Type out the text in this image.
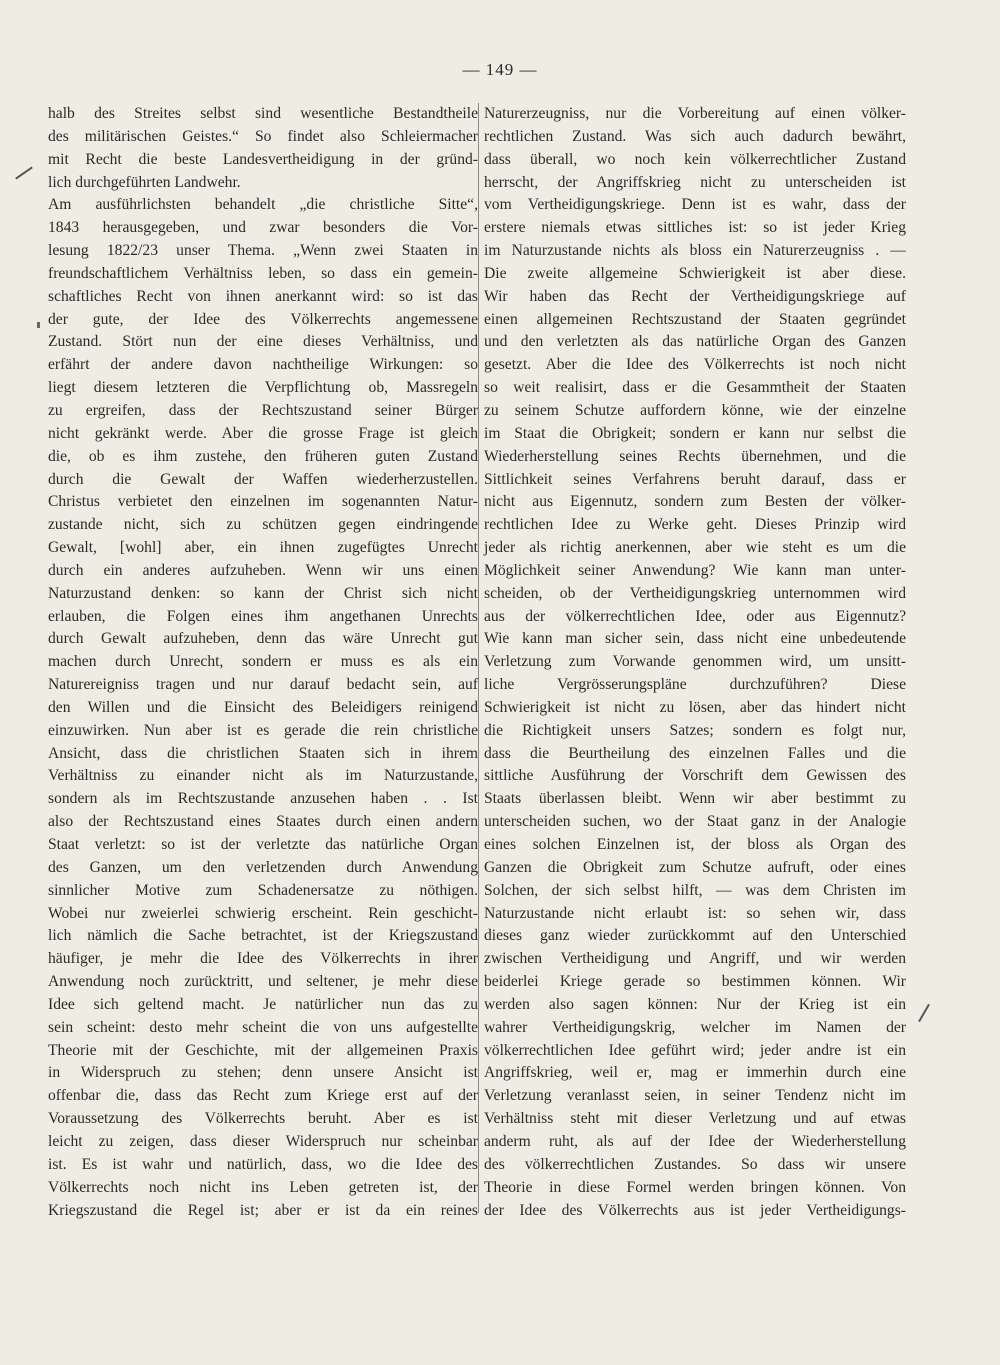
— 149 —
halb des Streites selbst sind wesentliche Bestandtheile
des militärischen Geistes.“ So findet also Schleiermacher
mit Recht die beste Landesvertheidigung in der gründ-
lich durchgeführten Landwehr.
Am ausführlichsten behandelt „die christliche Sitte“,
1843 herausgegeben, und zwar besonders die Vor-
lesung 1822/23 unser Thema. „Wenn zwei Staaten in
freundschaftlichem Verhältniss leben, so dass ein gemein-
schaftliches Recht von ihnen anerkannt wird: so ist das
der gute, der Idee des Völkerrechts angemessene
Zustand. Stört nun der eine dieses Verhältniss, und
erfährt der andere davon nachtheilige Wirkungen: so
liegt diesem letzteren die Verpflichtung ob, Massregeln
zu ergreifen, dass der Rechtszustand seiner Bürger
nicht gekränkt werde. Aber die grosse Frage ist gleich
die, ob es ihm zustehe, den früheren guten Zustand
durch die Gewalt der Waffen wiederherzustellen.
Christus verbietet den einzelnen im sogenannten Natur-
zustande nicht, sich zu schützen gegen eindringende
Gewalt, [wohl] aber, ein ihnen zugefügtes Unrecht
durch ein anderes aufzuheben. Wenn wir uns einen
Naturzustand denken: so kann der Christ sich nicht
erlauben, die Folgen eines ihm angethanen Unrechts
durch Gewalt aufzuheben, denn das wäre Unrecht gut
machen durch Unrecht, sondern er muss es als ein
Naturereigniss tragen und nur darauf bedacht sein, auf
den Willen und die Einsicht des Beleidigers reinigend
einzuwirken. Nun aber ist es gerade die rein christliche
Ansicht, dass die christlichen Staaten sich in ihrem
Verhältniss zu einander nicht als im Naturzustande,
sondern als im Rechtszustande anzusehen haben . . Ist
also der Rechtszustand eines Staates durch einen andern
Staat verletzt: so ist der verletzte das natürliche Organ
des Ganzen, um den verletzenden durch Anwendung
sinnlicher Motive zum Schadenersatze zu nöthigen.
Wobei nur zweierlei schwierig erscheint. Rein geschicht-
lich nämlich die Sache betrachtet, ist der Kriegszustand
häufiger, je mehr die Idee des Völkerrechts in ihrer
Anwendung noch zurücktritt, und seltener, je mehr diese
Idee sich geltend macht. Je natürlicher nun das zu
sein scheint: desto mehr scheint die von uns aufgestellte
Theorie mit der Geschichte, mit der allgemeinen Praxis
in Widerspruch zu stehen; denn unsere Ansicht ist
offenbar die, dass das Recht zum Kriege erst auf der
Voraussetzung des Völkerrechts beruht. Aber es ist
leicht zu zeigen, dass dieser Widerspruch nur scheinbar
ist. Es ist wahr und natürlich, dass, wo die Idee des
Völkerrechts noch nicht ins Leben getreten ist, der
Kriegszustand die Regel ist; aber er ist da ein reines
Naturerzeugniss, nur die Vorbereitung auf einen völker-
rechtlichen Zustand. Was sich auch dadurch bewährt,
dass überall, wo noch kein völkerrechtlicher Zustand
herrscht, der Angriffskrieg nicht zu unterscheiden ist
vom Vertheidigungskriege. Denn ist es wahr, dass der
erstere niemals etwas sittliches ist: so ist jeder Krieg
im Naturzustande nichts als bloss ein Naturerzeugniss . —
Die zweite allgemeine Schwierigkeit ist aber diese.
Wir haben das Recht der Vertheidigungskriege auf
einen allgemeinen Rechtszustand der Staaten gegründet
und den verletzten als das natürliche Organ des Ganzen
gesetzt. Aber die Idee des Völkerrechts ist noch nicht
so weit realisirt, dass er die Gesammtheit der Staaten
zu seinem Schutze auffordern könne, wie der einzelne
im Staat die Obrigkeit; sondern er kann nur selbst die
Wiederherstellung seines Rechts übernehmen, und die
Sittlichkeit seines Verfahrens beruht darauf, dass er
nicht aus Eigennutz, sondern zum Besten der völker-
rechtlichen Idee zu Werke geht. Dieses Prinzip wird
jeder als richtig anerkennen, aber wie steht es um die
Möglichkeit seiner Anwendung? Wie kann man unter-
scheiden, ob der Vertheidigungskrieg unternommen wird
aus der völkerrechtlichen Idee, oder aus Eigennutz?
Wie kann man sicher sein, dass nicht eine unbedeutende
Verletzung zum Vorwande genommen wird, um unsitt-
liche Vergrösserungspläne durchzuführen? Diese
Schwierigkeit ist nicht zu lösen, aber das hindert nicht
die Richtigkeit unsers Satzes; sondern es folgt nur,
dass die Beurtheilung des einzelnen Falles und die
sittliche Ausführung der Vorschrift dem Gewissen des
Staats überlassen bleibt. Wenn wir aber bestimmt zu
unterscheiden suchen, wo der Staat ganz in der Analogie
eines solchen Einzelnen ist, der bloss als Organ des
Ganzen die Obrigkeit zum Schutze aufruft, oder eines
Solchen, der sich selbst hilft, — was dem Christen im
Naturzustande nicht erlaubt ist: so sehen wir, dass
dieses ganz wieder zurückkommt auf den Unterschied
zwischen Vertheidigung und Angriff, und wir werden
beiderlei Kriege gerade so bestimmen können. Wir
werden also sagen können: Nur der Krieg ist ein
wahrer Vertheidigungskrig, welcher im Namen der
völkerrechtlichen Idee geführt wird; jeder andre ist ein
Angriffskrieg, weil er, mag er immerhin durch eine
Verletzung veranlasst seien, in seiner Tendenz nicht im
Verhältniss steht mit dieser Verletzung und auf etwas
anderm ruht, als auf der Idee der Wiederherstellung
des völkerrechtlichen Zustandes. So dass wir unsere
Theorie in diese Formel werden bringen können. Von
der Idee des Völkerrechts aus ist jeder Vertheidigungs-
